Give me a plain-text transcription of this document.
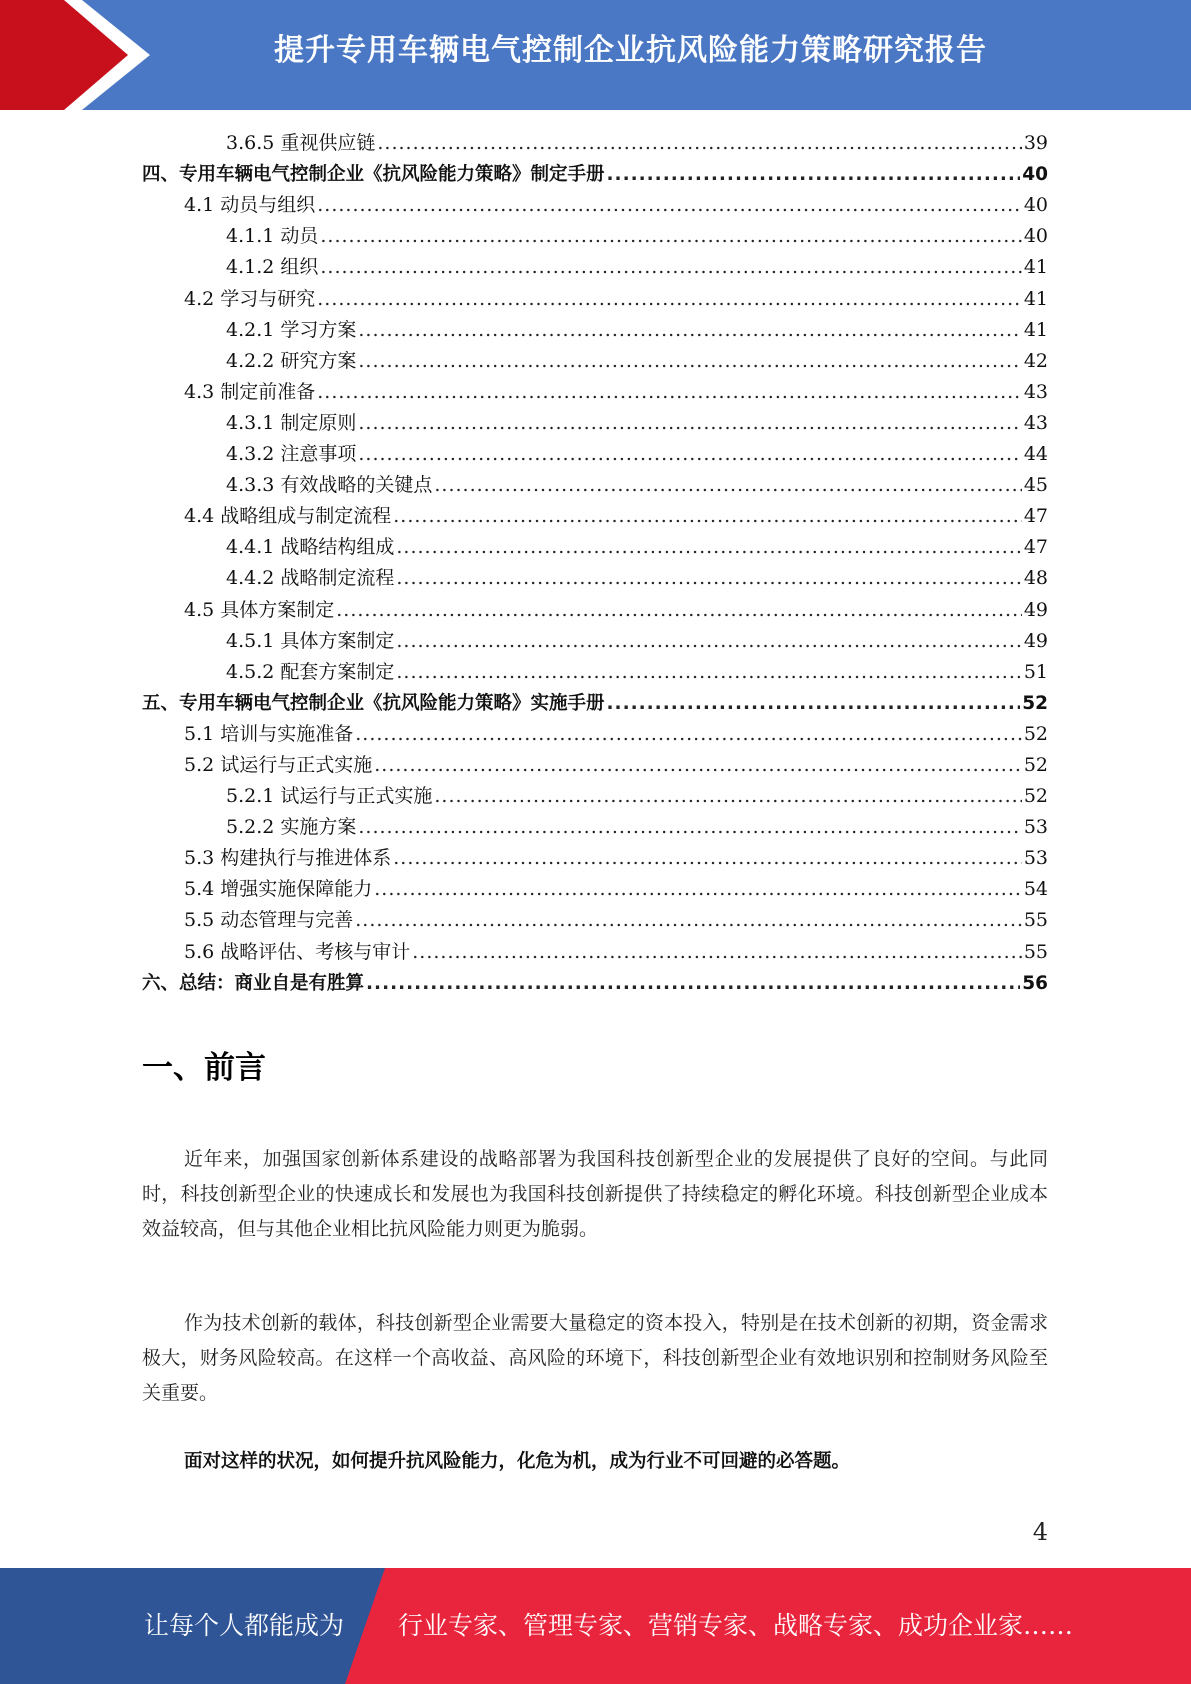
提升专用车辆电气控制企业抗风险能力策略研究报告
3.6.5 重视供应链 .....	39
四、专用车辆电气控制企业《抗风险能力策略》制定手册 .....	40
4.1 动员与组织 .....	40
4.1.1 动员 .....	40
4.1.2 组织 .....	41
4.2 学习与研究 .....	41
4.2.1 学习方案 .....	41
4.2.2 研究方案 .....	42
4.3 制定前准备 .....	43
4.3.1 制定原则 .....	43
4.3.2 注意事项 .....	44
4.3.3 有效战略的关键点 .....	45
4.4 战略组成与制定流程 .....	47
4.4.1 战略结构组成 .....	47
4.4.2 战略制定流程 .....	48
4.5 具体方案制定 .....	49
4.5.1 具体方案制定 .....	49
4.5.2 配套方案制定 .....	51
五、专用车辆电气控制企业《抗风险能力策略》实施手册 .....	52
5.1 培训与实施准备 .....	52
5.2 试运行与正式实施 .....	52
5.2.1 试运行与正式实施 .....	52
5.2.2 实施方案 .....	53
5.3 构建执行与推进体系 .....	53
5.4 增强实施保障能力 .....	54
5.5 动态管理与完善 .....	55
5.6 战略评估、考核与审计 .....	55
六、总结：商业自是有胜算 .....	56
一、前言

近年来，加强国家创新体系建设的战略部署为我国科技创新型企业的发展提供了良好的空间。与此同时，科技创新型企业的快速成长和发展也为我国科技创新提供了持续稳定的孵化环境。科技创新型企业成本效益较高，但与其他企业相比抗风险能力则更为脆弱。

作为技术创新的载体，科技创新型企业需要大量稳定的资本投入，特别是在技术创新的初期，资金需求极大，财务风险较高。在这样一个高收益、高风险的环境下，科技创新型企业有效地识别和控制财务风险至关重要。

面对这样的状况，如何提升抗风险能力，化危为机，成为行业不可回避的必答题。

4
让每个人都能成为 行业专家、管理专家、营销专家、战略专家、成功企业家……
